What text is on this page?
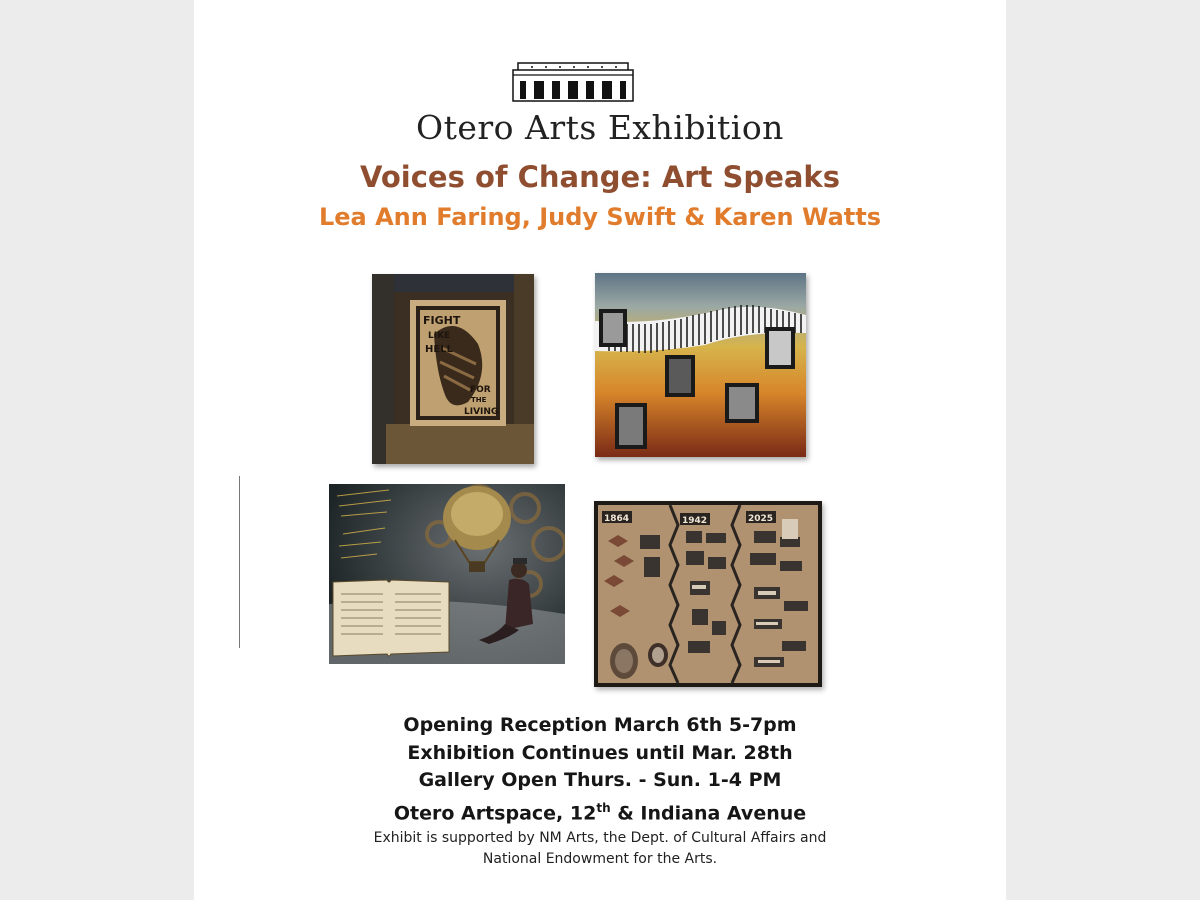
Otero Arts Exhibition
Voices of Change: Art Speaks
Lea Ann Faring, Judy Swift & Karen Watts
FIGHT
LIKE
HELL
FOR
THE
LIVING
1864	1942	2025
Opening Reception March 6th 5-7pm
Exhibition Continues until Mar. 28th
Gallery Open Thurs. - Sun. 1-4 PM
Otero Artspace, 12th & Indiana Avenue
Exhibit is supported by NM Arts, the Dept. of Cultural Affairs and
National Endowment for the Arts.
